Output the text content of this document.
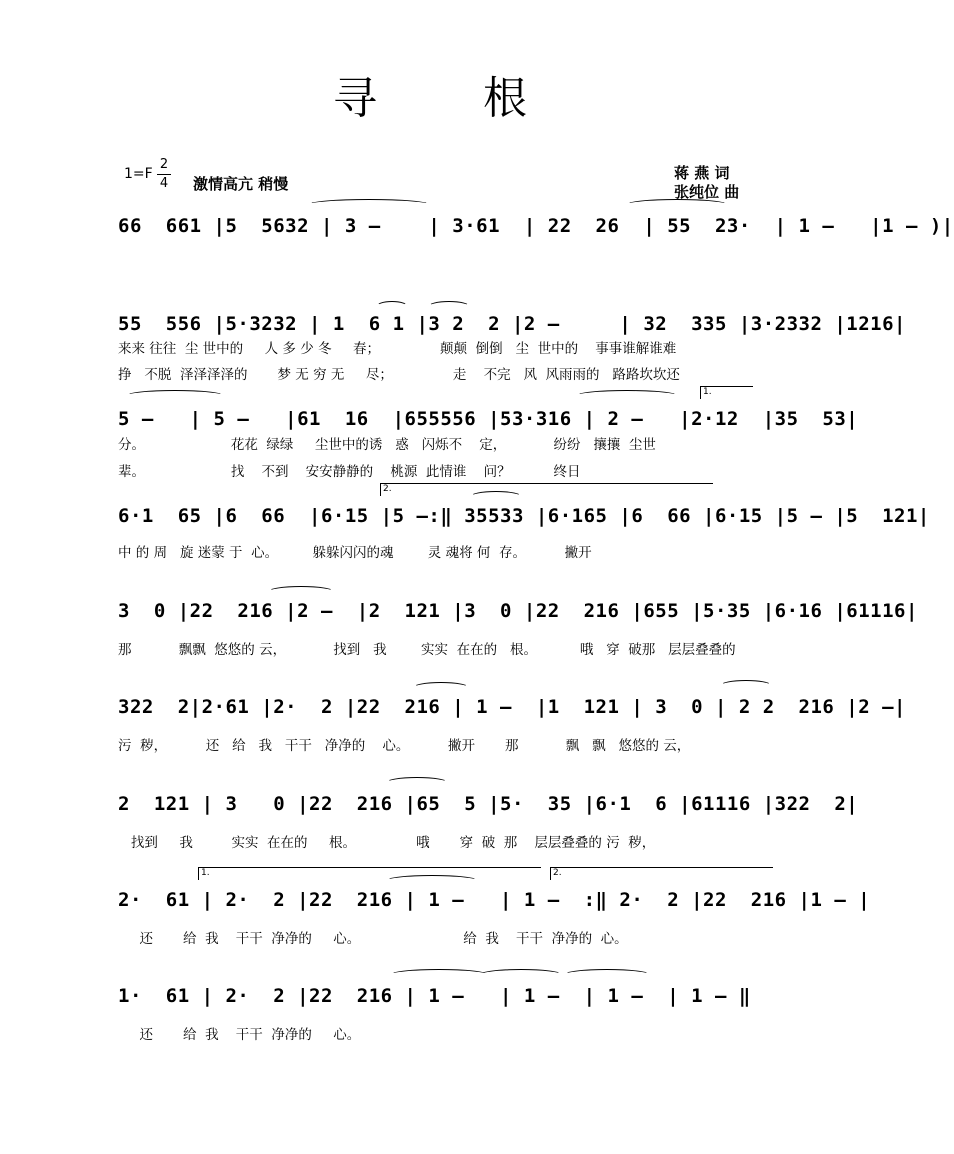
寻 根
$1=F \frac{2}{4}$ 激情高亢 稍慢
蒋 燕 词
张纯位 曲
66  661 |5  5632 | 3 –    | 3·61  | 22  26  | 55  23·  | 1 –   |1 – )|
55  556 |5·3232 | 1  6 1 |3 2  2 |2 –     | 32  335 |3·2332 |1216|
来来 往往  尘 世中的     人 多 少 冬     春；              颠颠  倒倒   尘  世中的    事事谁解谁难
挣   不脱  泽泽泽泽的       梦 无 穷 无     尽；              走    不完   风  风雨雨的   路路坎坎还
5 –   | 5 –   |61  16  |655556 |53·316 | 2 –   |2·12  |35  53|
1.
分。                    花花  绿绿     尘世中的诱   惑   闪烁不    定，           纷纷   攘攘  尘世
辈。                    找    不到    安安静静的    桃源  此情谁    问？          终日
6·1  65 |6  66  |6·15 |5 –:‖ 35533 |6·165 |6  66 |6·15 |5 – |5  121|
2.
中 的 周   旋 迷蒙 于  心。        躲躲闪闪的魂        灵 魂将 何  存。         撇开
3  0 |22  216 |2 –  |2  121 |3  0 |22  216 |655 |5·35 |6·16 |61116|
那           飘飘  悠悠的 云，           找到   我        实实  在在的   根。          哦   穿  破那   层层叠叠的
322  2|2·61 |2·  2 |22  216 | 1 –  |1  121 | 3  0 | 2 2  216 |2 –|
污  秽，         还   给   我   干干   净净的    心。         撇开       那           飘   飘   悠悠的 云，
2  121 | 3   0 |22  216 |65  5 |5·  35 |6·1  6 |61116 |322  2|
找到     我         实实  在在的     根。              哦       穿  破  那    层层叠叠的 污  秽，
2·  61 | 2·  2 |22  216 | 1 –   | 1 –  :‖ 2·  2 |22  216 |1 – |
1.	2.
还       给  我    干干  净净的     心。                        给  我    干干  净净的  心。
1·  61 | 2·  2 |22  216 | 1 –   | 1 –  | 1 –  | 1 – ‖
还       给  我    干干  净净的     心。
